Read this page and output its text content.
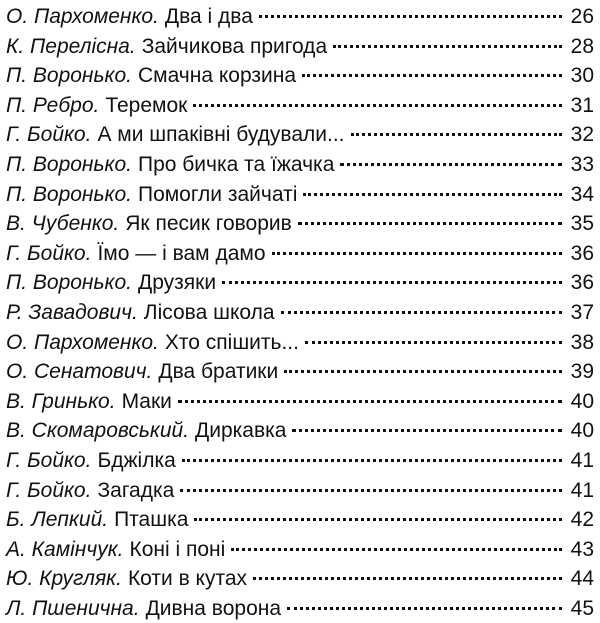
О. Пархоменко. Два і два	26
К. Перелісна. Зайчикова пригода	28
П. Воронько. Смачна корзина	30
П. Ребро. Теремок	31
Г. Бойко. А ми шпаківні будували...	32
П. Воронько. Про бичка та їжачка	33
П. Воронько. Помогли зайчаті	34
В. Чубенко. Як песик говорив	35
Г. Бойко. Їмо — і вам дамо	36
П. Воронько. Друзяки	36
Р. Завадович. Лісова школа	37
О. Пархоменко. Хто спішить...	38
О. Сенатович. Два братики	39
В. Гринько. Маки	40
В. Скомаровський. Диркавка	40
Г. Бойко. Бджілка	41
Г. Бойко. Загадка	41
Б. Лепкий. Пташка	42
А. Камінчук. Коні і поні	43
Ю. Кругляк. Коти в кутах	44
Л. Пшенична. Дивна ворона	45
